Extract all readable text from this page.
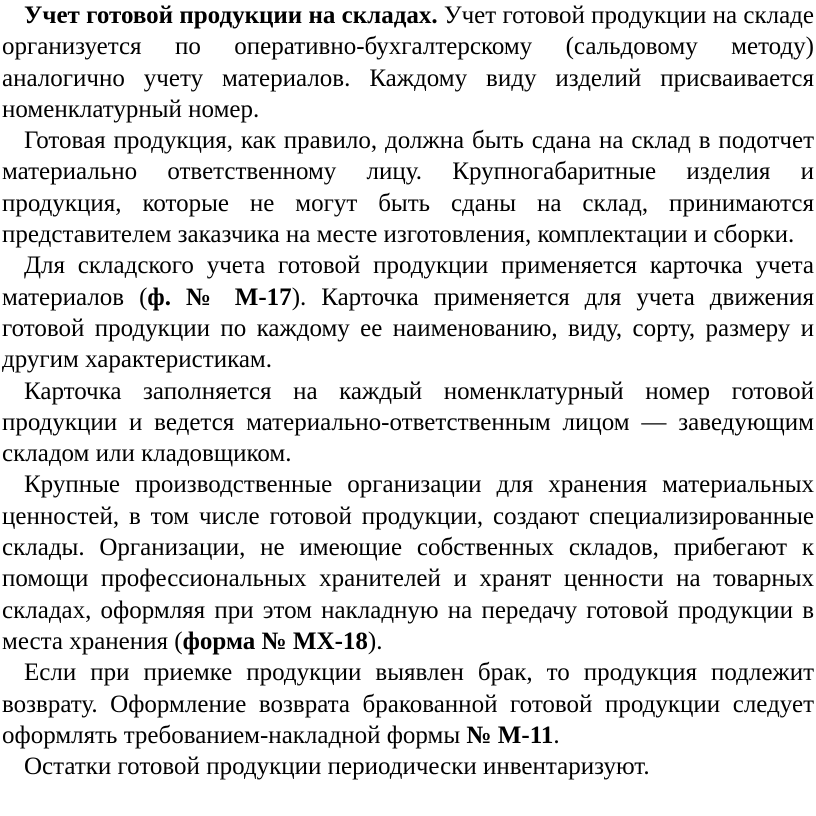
Учет готовой продукции на складах. Учет готовой продукции на складе организуется по оперативно-бухгалтерскому (сальдовому методу) аналогично учету материалов. Каждому виду изделий присваивается номенклатурный номер.

Готовая продукция, как правило, должна быть сдана на склад в подотчет материально ответственному лицу. Крупногабаритные изделия и продукция, которые не могут быть сданы на склад, принимаются представителем заказчика на месте изготовления, комплектации и сборки.

Для складского учета готовой продукции применяется карточка учета материалов (ф. № М-17). Карточка применяется для учета движения готовой продукции по каждому ее наименованию, виду, сорту, размеру и другим характеристикам.

Карточка заполняется на каждый номенклатурный номер готовой продукции и ведется материально-ответственным лицом — заведующим складом или кладовщиком.

Крупные производственные организации для хранения материальных ценностей, в том числе готовой продукции, создают специализированные склады. Организации, не имеющие собственных складов, прибегают к помощи профессиональных хранителей и хранят ценности на товарных складах, оформляя при этом накладную на передачу готовой продукции в места хранения (форма № МХ-18).

Если при приемке продукции выявлен брак, то продукция подлежит возврату. Оформление возврата бракованной готовой продукции следует оформлять требованием-накладной формы № М-11.

Остатки готовой продукции периодически инвентаризуют.
